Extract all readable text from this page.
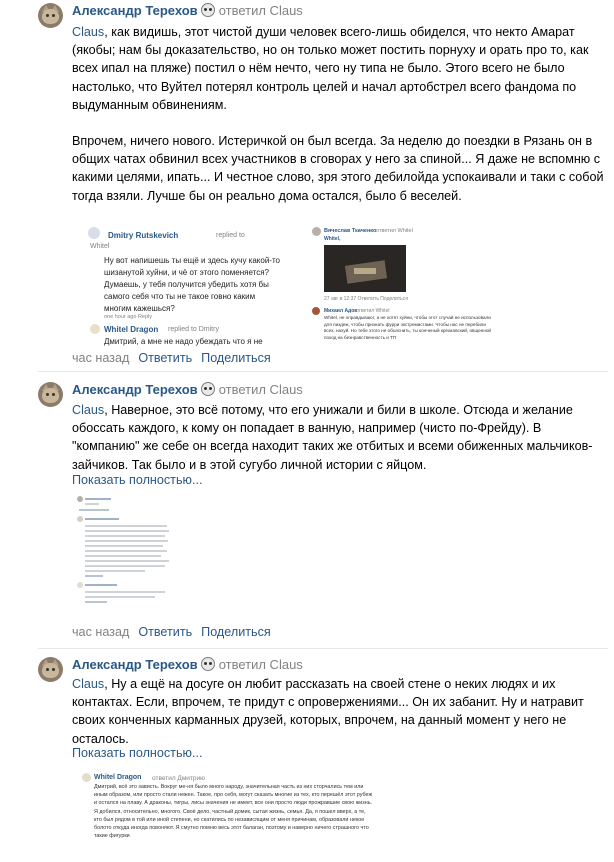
Александр Терехов ответил Claus

Claus, как видишь, этот чистой души человек всего-лишь обиделся, что некто Амарат (якобы; нам бы доказательство, но он только может постить порнуху и орать про то, как всех ипал на пляже) постил о нём нечто, чего ну типа не было. Этого всего не было настолько, что Вуйтел потерял контроль целей и начал артобстрел всего фандома по выдуманным обвинениям.

Впрочем, ничего нового. Истеричкой он был всегда. За неделю до поездки в Рязань он в общих чатах обвинил всех участников в сговорах у него за спиной... Я даже не вспомню с какими целями, ипать... И честное слово, зря этого дебилойда успокаивали и таки с собой тогда взяли. Лучше бы он реально дома остался, было б веселей.

Dmitry Rutskevich	replied to
Whitel
Ну вот напишешь ты ещё и здесь кучу какой-то шизанутой хуйни, и чё от этого поменяется? Думаешь, у тебя получится убедить хотя бы самого себя что ты не такое говно каким многим кажешься?
one hour ago Reply
Whitel Dragon replied to Dmitry
Дмитрий, а мне не надо убеждать что я не
Вячеслав Ткаченко ответил Whitel
Whitel,
27 авг в 12:37 Ответить Поделиться
Михаил Адов
ответил Whitel
Whitel, не оправдывают, а не хотят хуйни, чтобы этот случай не использовали для пиздеж, чтобы признать фурри экстремистами. Чтобы нас не перебили всех, нахуй. Но тебе этого не объяснить, ты конченый креаковский, овщенной поход на безнравственность и ТП
час назад Ответить Поделиться
Александр Терехов ответил Claus

Claus, Наверное, это всё потому, что его унижали и били в школе. Отсюда и желание обоссать каждого, к кому он попадает в ванную, например (чисто по-Фрейду). В "компанию" же себе он всегда находит таких же отбитых и всеми обиженных мальчиков-зайчиков. Так было и в этой сугубо личной истории с яйцом.

Показать полностью...
час назад Ответить Поделиться
Александр Терехов ответил Claus

Claus, Ну а ещё на досуге он любит рассказать на своей стене о неких людях и их контактах. Если, впрочем, те придут с опровержениями... Он их забанит. Ну и натравит своих конченных карманных друзей, которых, впрочем, на данный момент у него не осталось.

Показать полностью...
Whitel Dragon ответил Дмитрию
Дмитрий, всё это зависть. Вокруг ме-ня было много народу, значительная часть из них сторчались тем или иным образом, или просто стали нежен. Такое, про себя, могут сказать многие из тех, кто перешёл этот рубеж и остался на плаву. А драконы, тигры, лисы значения не имеет, все они просто люди прожравшие свою жизнь. Я добился, относительно, многого. Своё дело, частный домик, сытая жизнь, семья. Да, я пошел вверх, а те, кто был рядом в той или иной степени, но скатились по независящим от меня причинам, образовали некое болото откуда иногда повоняют. Я смутно помню весь этот балаган, поэтому и наверно ничего страшного что такие фигурки
